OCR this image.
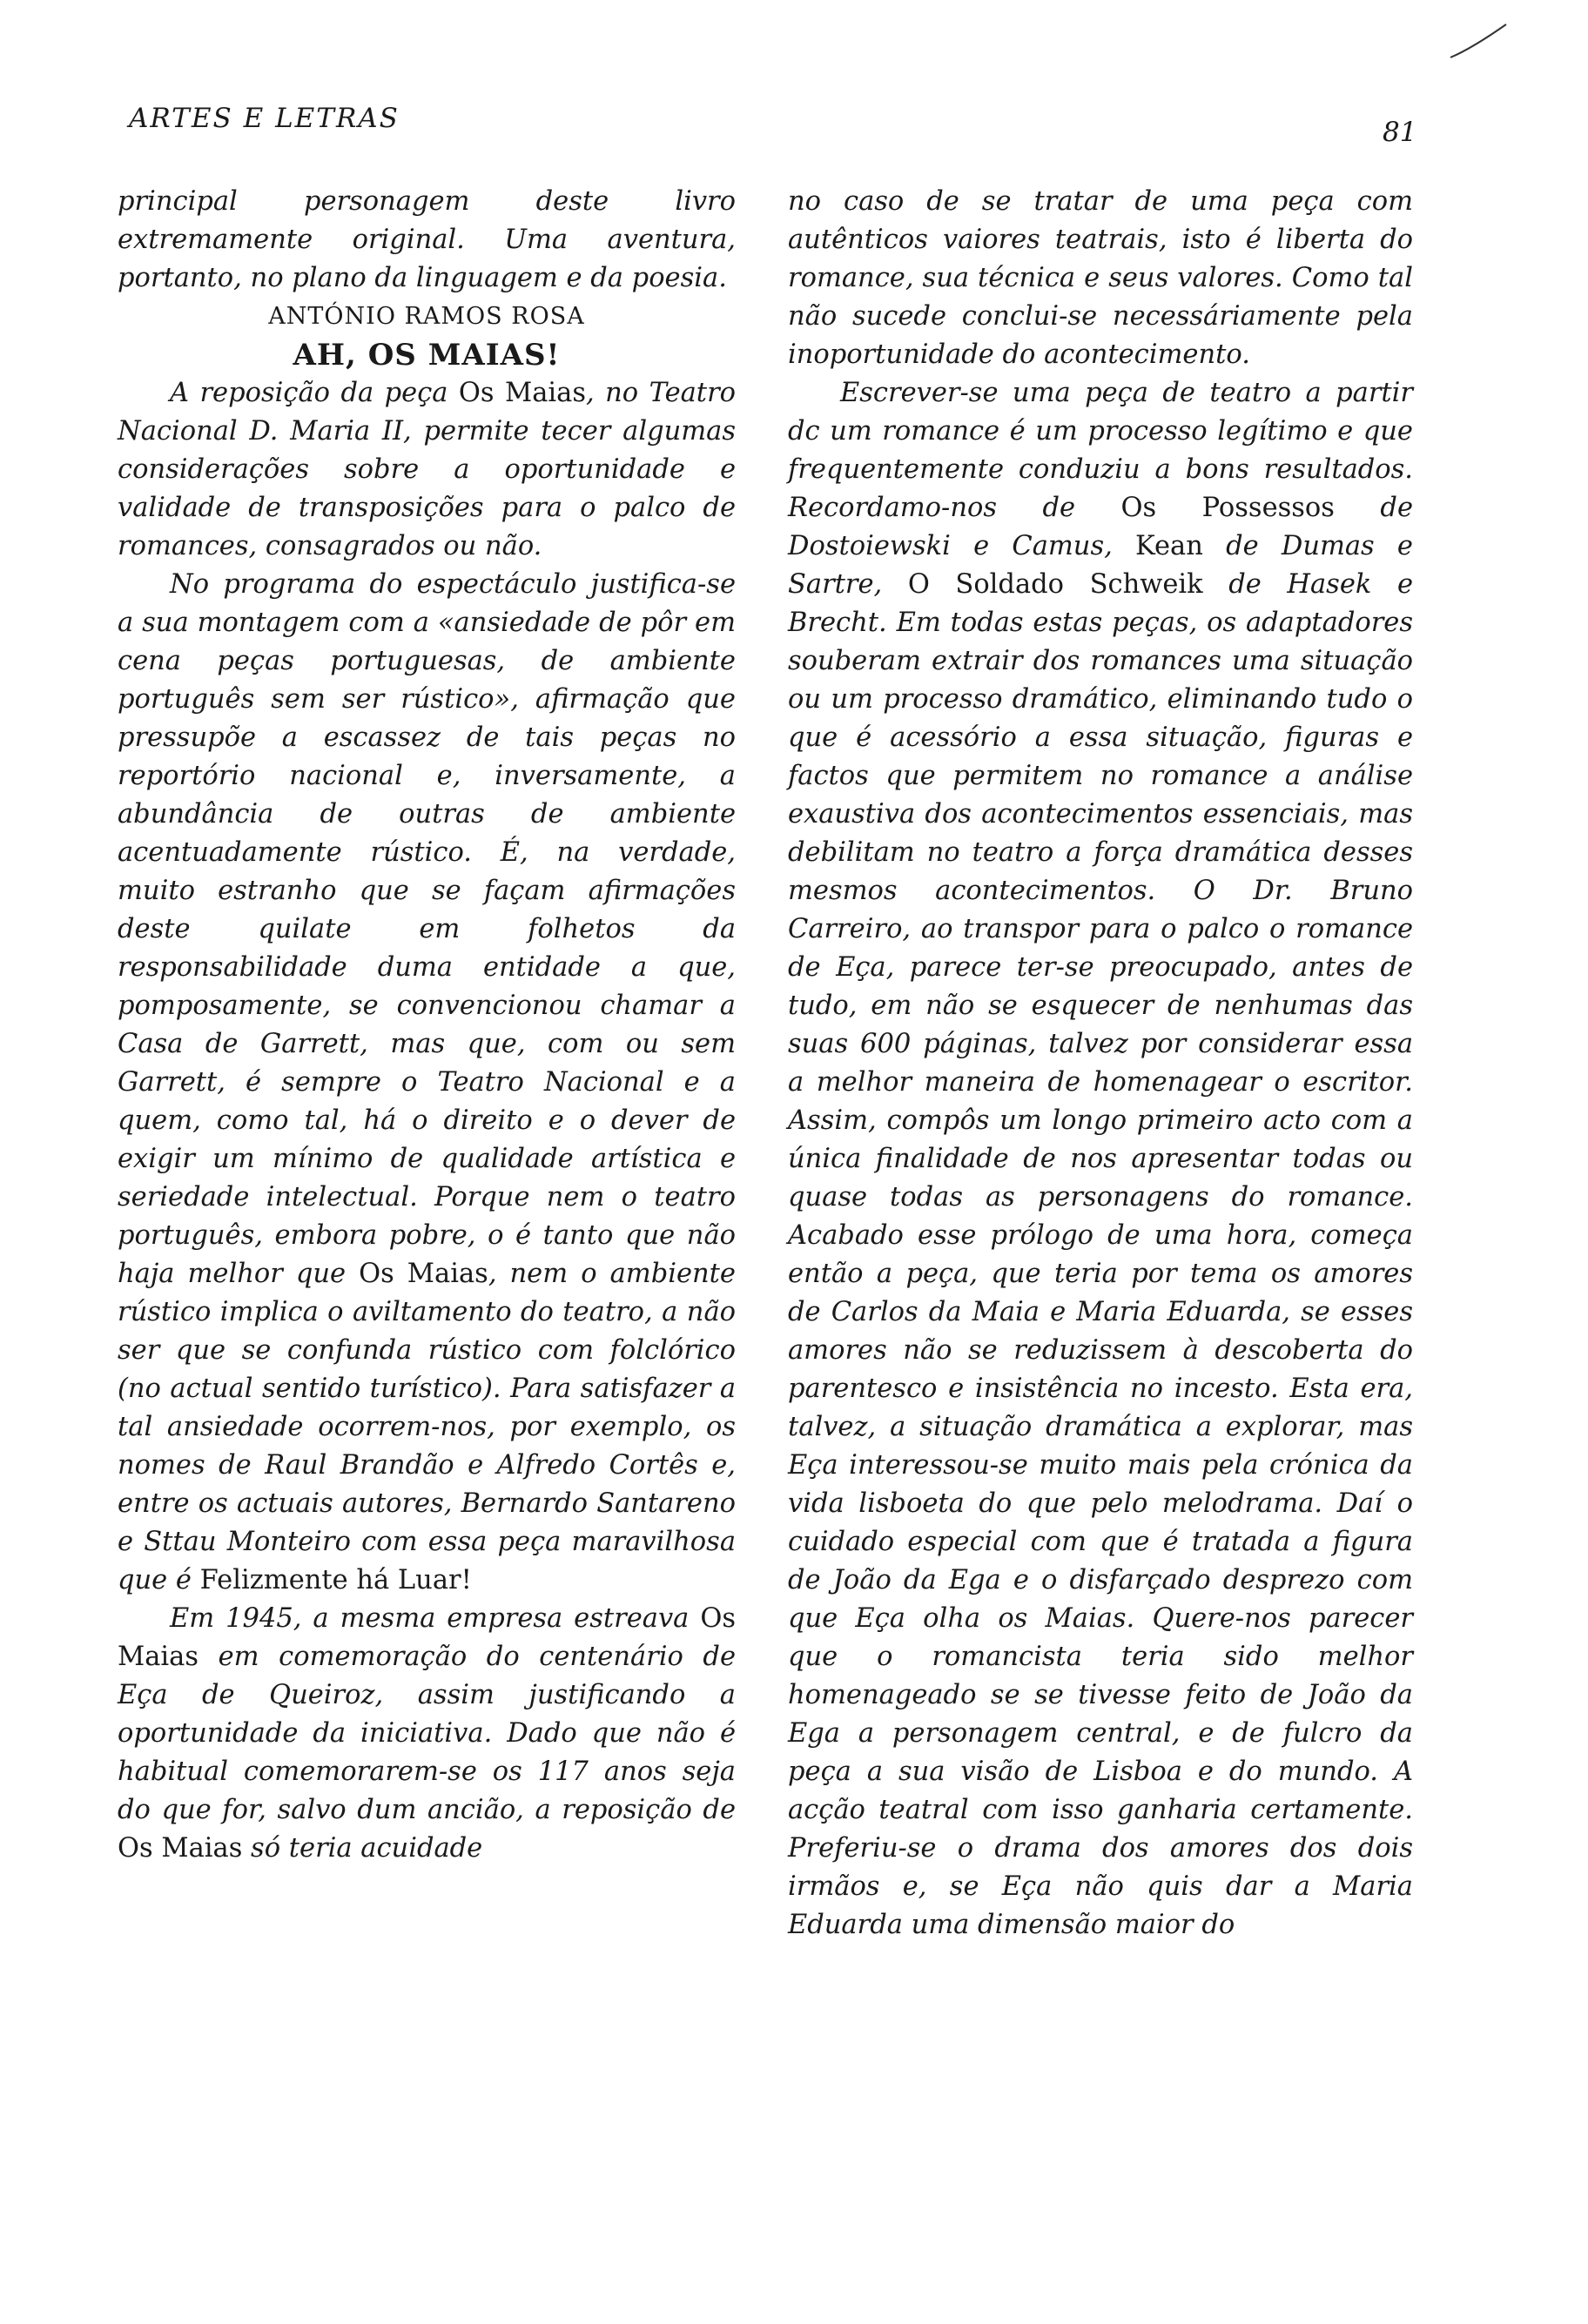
ARTES E LETRAS	81

principal personagem deste livro extremamente original. Uma aventura, portanto, no plano da linguagem e da poesia.

ANTÓNIO RAMOS ROSA

AH, OS MAIAS!

A reposição da peça Os Maias, no Teatro Nacional D. Maria II, permite tecer algumas considerações sobre a oportunidade e validade de transposições para o palco de romances, consagrados ou não.

No programa do espectáculo justifica-se a sua montagem com a «ansiedade de pôr em cena peças portuguesas, de ambiente português sem ser rústico», afirmação que pressupõe a escassez de tais peças no reportório nacional e, inversamente, a abundância de outras de ambiente acentuadamente rústico. É, na verdade, muito estranho que se façam afirmações deste quilate em folhetos da responsabilidade duma entidade a que, pomposamente, se convencionou chamar a Casa de Garrett, mas que, com ou sem Garrett, é sempre o Teatro Nacional e a quem, como tal, há o direito e o dever de exigir um mínimo de qualidade artística e seriedade intelectual. Porque nem o teatro português, embora pobre, o é tanto que não haja melhor que Os Maias, nem o ambiente rústico implica o aviltamento do teatro, a não ser que se confunda rústico com folclórico (no actual sentido turístico). Para satisfazer a tal ansiedade ocorrem-nos, por exemplo, os nomes de Raul Brandão e Alfredo Cortês e, entre os actuais autores, Bernardo Santareno e Sttau Monteiro com essa peça maravilhosa que é Felizmente há Luar!

Em 1945, a mesma empresa estreava Os Maias em comemoração do centenário de Eça de Queiroz, assim justificando a oportunidade da iniciativa. Dado que não é habitual comemorarem-se os 117 anos seja do que for, salvo dum ancião, a reposição de Os Maias só teria acuidade

no caso de se tratar de uma peça com autênticos vaiores teatrais, isto é liberta do romance, sua técnica e seus valores. Como tal não sucede conclui-se necessáriamente pela inoportunidade do acontecimento.

Escrever-se uma peça de teatro a partir dc um romance é um processo legítimo e que frequentemente conduziu a bons resultados. Recordamo-nos de Os Possessos de Dostoiewski e Camus, Kean de Dumas e Sartre, O Soldado Schweik de Hasek e Brecht. Em todas estas peças, os adaptadores souberam extrair dos romances uma situação ou um processo dramático, eliminando tudo o que é acessório a essa situação, figuras e factos que permitem no romance a análise exaustiva dos acontecimentos essenciais, mas debilitam no teatro a força dramática desses mesmos acontecimentos. O Dr. Bruno Carreiro, ao transpor para o palco o romance de Eça, parece ter-se preocupado, antes de tudo, em não se esquecer de nenhumas das suas 600 páginas, talvez por considerar essa a melhor maneira de homenagear o escritor. Assim, compôs um longo primeiro acto com a única finalidade de nos apresentar todas ou quase todas as personagens do romance. Acabado esse prólogo de uma hora, começa então a peça, que teria por tema os amores de Carlos da Maia e Maria Eduarda, se esses amores não se reduzissem à descoberta do parentesco e insistência no incesto. Esta era, talvez, a situação dramática a explorar, mas Eça interessou-se muito mais pela crónica da vida lisboeta do que pelo melodrama. Daí o cuidado especial com que é tratada a figura de João da Ega e o disfarçado desprezo com que Eça olha os Maias. Quere-nos parecer que o romancista teria sido melhor homenageado se se tivesse feito de João da Ega a personagem central, e de fulcro da peça a sua visão de Lisboa e do mundo. A acção teatral com isso ganharia certamente. Preferiu-se o drama dos amores dos dois irmãos e, se Eça não quis dar a Maria Eduarda uma dimensão maior do
